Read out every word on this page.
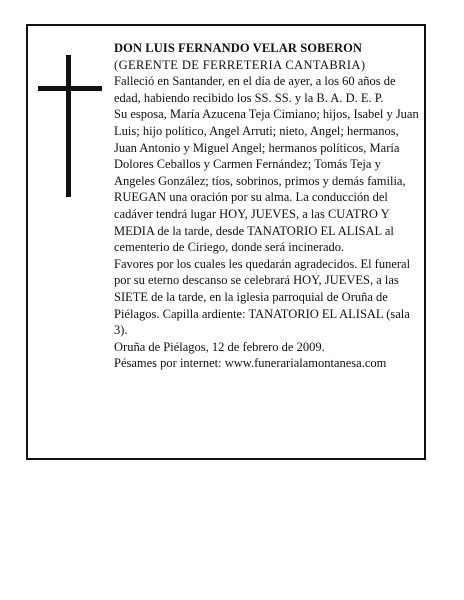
DON LUIS FERNANDO VELAR SOBERON

(GERENTE DE FERRETERIA CANTABRIA)

Falleció en Santander, en el día de ayer, a los 60 años de edad, habiendo recibido los SS. SS. y la B. A. D. E. P.

Su esposa, María Azucena Teja Cimiano; hijos, Isabel y Juan Luis; hijo político, Angel Arruti; nieto, Angel; hermanos, Juan Antonio y Miguel Angel; hermanos políticos, María Dolores Ceballos y Carmen Fernández; Tomás Teja y Angeles González; tíos, sobrinos, primos y demás familia,

RUEGAN una oración por su alma. La conducción del cadáver tendrá lugar HOY, JUEVES, a las CUATRO Y MEDIA de la tarde, desde TANATORIO EL ALISAL al cementerio de Ciriego, donde será incinerado.

Favores por los cuales les quedarán agradecidos. El funeral por su eterno descanso se celebrará HOY, JUEVES, a las SIETE de la tarde, en la iglesia parroquial de Oruña de Piélagos. Capilla ardiente: TANATORIO EL ALISAL (sala 3).

Oruña de Piélagos, 12 de febrero de 2009.

Pésames por internet: www.funerarialamontanesa.com
